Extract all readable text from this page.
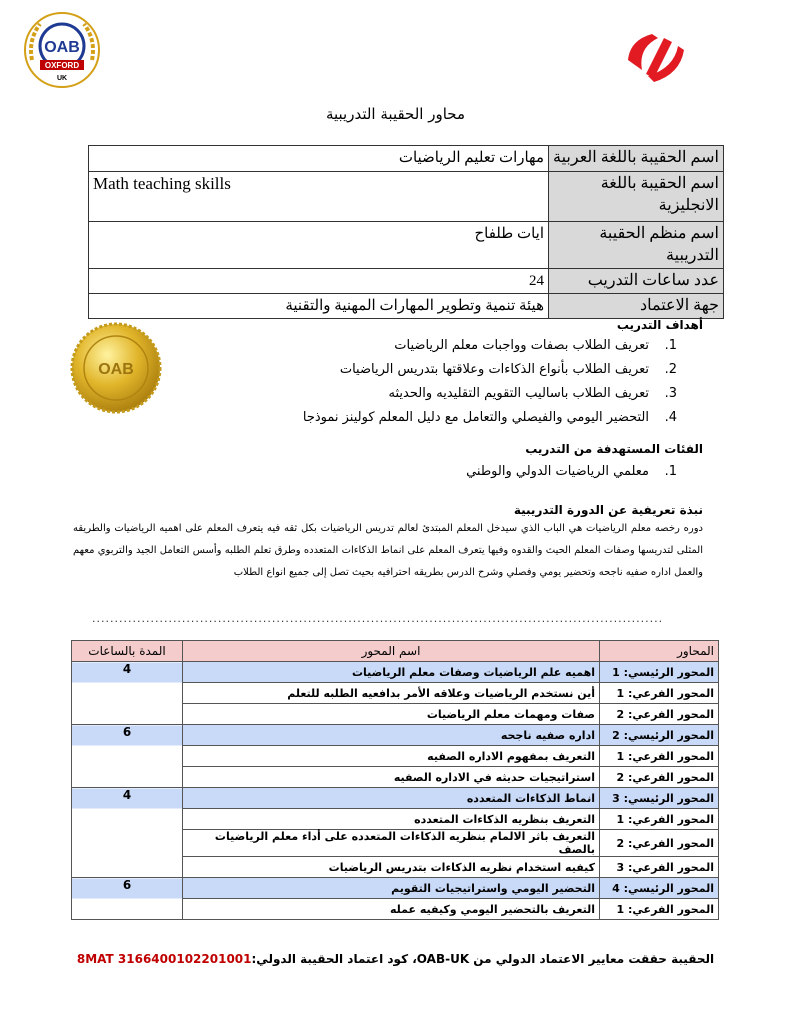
OAB
OXFORD
UK
محاور الحقيبة التدريبية
اسم الحقيبة باللغة العربية	مهارات تعليم الرياضيات
اسم الحقيبة باللغة الانجليزية	Math teaching skills
اسم منظم الحقيبة التدريبية	ايات طلفاح
عدد ساعات التدريب	24
جهة الاعتماد	هيئة تنمية وتطوير المهارات المهنية والتقنية
OAB
أهداف التدريب
.1تعريف الطلاب بصفات وواجبات معلم الرياضيات
.2تعريف الطلاب بأنواع الذكاءات وعلاقتها بتدريس الرياضيات
.3تعريف الطلاب باساليب التقويم التقليديه والحديثه
.4التحضير اليومي والفيصلي والتعامل مع دليل المعلم كولينز نموذجا
الفئات المستهدفة من التدريب
.1معلمي الرياضيات الدولي والوطني
نبذة تعريفية عن الدورة التدريبية
دوره رخصه معلم الرياضيات هي الباب الذي سيدخل المعلم المبتدئ لعالم تدريس الرياضيات بكل ثقه فيه يتعرف المعلم على اهميه الرياضيات والطريقه المثلى لتدريسها وصفات المعلم الحيث والقدوه وفيها يتعرف المعلم على انماط الذكاءات المتعدده وطرق تعلم الطلبه وأسس التعامل الجيد والتربوي معهم والعمل اداره صفيه ناجحه وتحضير يومي وفصلي وشرح الدرس بطريقه احترافيه بحيث تصل إلى جميع انواع الطلاب
...............................................................................................................................
المحاور	اسم المحور	المدة بالساعات
المحور الرئيسي: 1	اهميه علم الرياضيات وصفات معلم الرياضيات	4
المحور الفرعي: 1	أين نستخدم الرياضيات وعلاقه الأمر بدافعيه الطلبه للتعلم	
المحور الفرعي: 2	صفات ومهمات معلم الرياضيات	
المحور الرئيسي: 2	اداره صفيه ناجحه	6
المحور الفرعي: 1	التعريف بمفهوم الاداره الصفيه	
المحور الفرعي: 2	استراتيجيات حديثه في الاداره الصفيه	
المحور الرئيسي: 3	انماط الذكاءات المتعدده	4
المحور الفرعي: 1	التعريف بنظريه الذكاءات المتعدده	
المحور الفرعي: 2	التعريف باثر الالمام بنظريه الذكاءات المتعدده على أداء معلم الرياضيات بالصف	
المحور الفرعي: 3	كيفيه استخدام نظريه الذكاءات بتدريس الرياضيات	
المحور الرئيسي: 4	التحضير اليومي واستراتيجيات التقويم	6
المحور الفرعي: 1	التعريف بالتحضير اليومي وكيفيه عمله	
الحقيبة حققت معايير الاعتماد الدولي من OAB-UK، كود اعتماد الحقيبة الدولي:3166400102201001 8MAT
